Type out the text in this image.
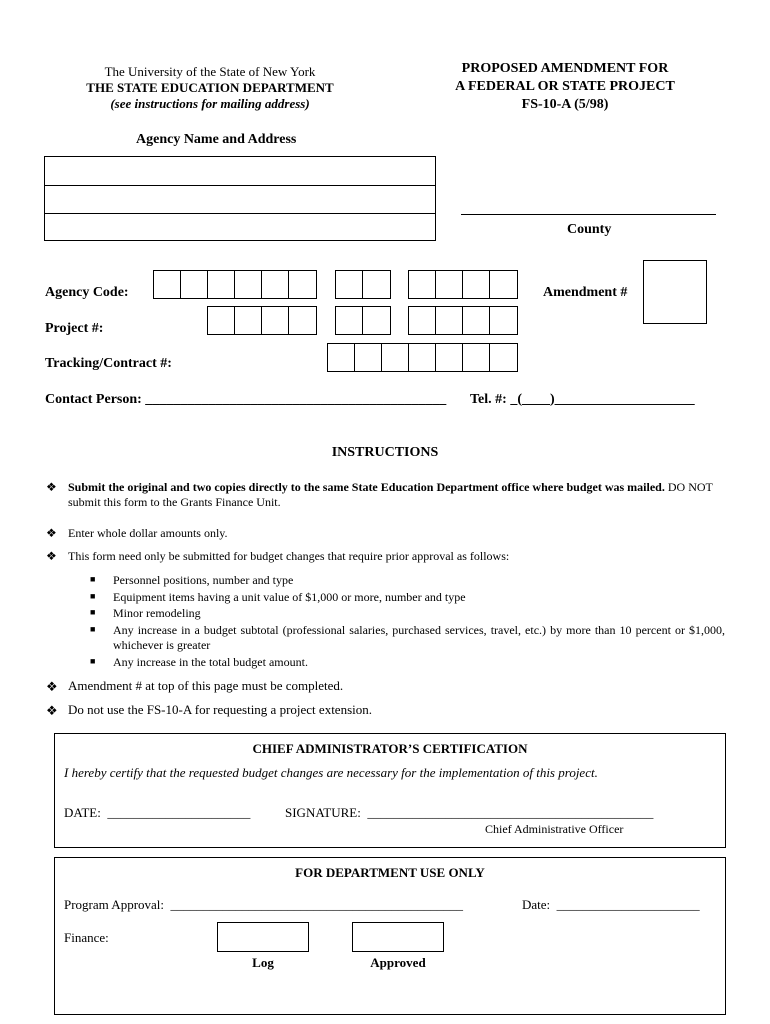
The University of the State of New York
THE STATE EDUCATION DEPARTMENT
(see instructions for mailing address)
PROPOSED AMENDMENT FOR
A FEDERAL OR STATE PROJECT
FS-10-A (5/98)
Agency Name and Address
County
Agency Code:	Amendment #
Project #:
Tracking/Contract #:
Contact Person: ___________________________________________ Tel. #: _(____)____________________
INSTRUCTIONS
❖ Submit the original and two copies directly to the same State Education Department office where budget was mailed. DO NOT submit this form to the Grants Finance Unit.
❖ Enter whole dollar amounts only.
❖ This form need only be submitted for budget changes that require prior approval as follows:
■ Personnel positions, number and type
■ Equipment items having a unit value of $1,000 or more, number and type
■ Minor remodeling
■ Any increase in a budget subtotal (professional salaries, purchased services, travel, etc.) by more than 10 percent or $1,000, whichever is greater
■ Any increase in the total budget amount.
❖ Amendment # at top of this page must be completed.
❖ Do not use the FS-10-A for requesting a project extension.
CHIEF ADMINISTRATOR’S CERTIFICATION
I hereby certify that the requested budget changes are necessary for the implementation of this project.
DATE:  ______________________	SIGNATURE:  ____________________________________________
Chief Administrative Officer
FOR DEPARTMENT USE ONLY
Program Approval:  _____________________________________________	Date:  ______________________
Finance:
Log	Approved
